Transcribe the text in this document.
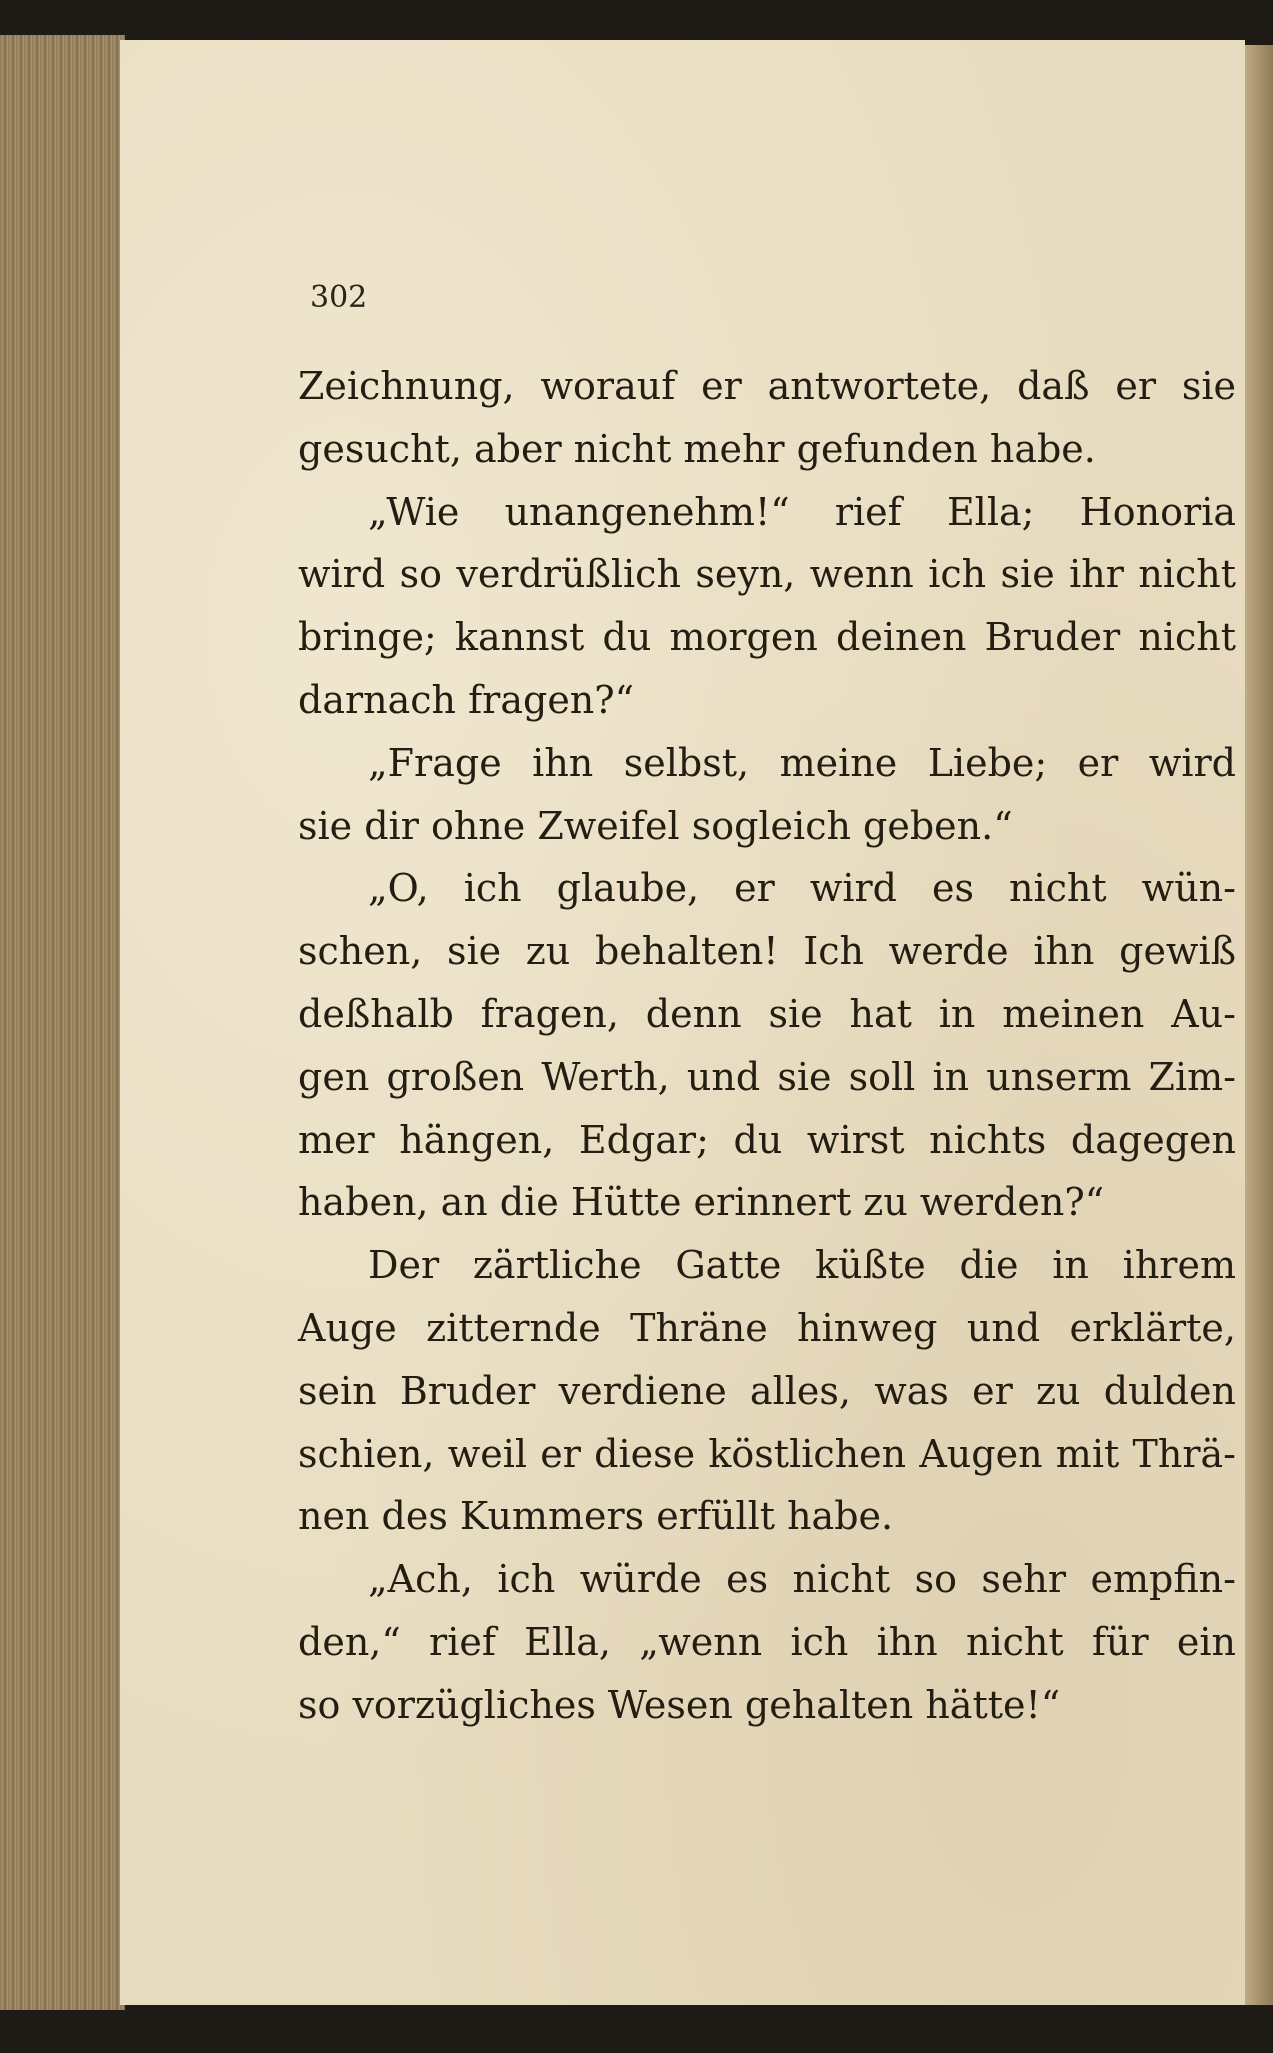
302
Zeichnung, worauf er antwortete, daß er sie
gesucht, aber nicht mehr gefunden habe.
„Wie unangenehm!“ rief Ella; Honoria
wird so verdrüßlich seyn, wenn ich sie ihr nicht
bringe; kannst du morgen deinen Bruder nicht
darnach fragen?“
„Frage ihn selbst, meine Liebe; er wird
sie dir ohne Zweifel sogleich geben.“
„O, ich glaube, er wird es nicht wün-
schen, sie zu behalten! Ich werde ihn gewiß
deßhalb fragen, denn sie hat in meinen Au-
gen großen Werth, und sie soll in unserm Zim-
mer hängen, Edgar; du wirst nichts dagegen
haben, an die Hütte erinnert zu werden?“
Der zärtliche Gatte küßte die in ihrem
Auge zitternde Thräne hinweg und erklärte,
sein Bruder verdiene alles, was er zu dulden
schien, weil er diese köstlichen Augen mit Thrä-
nen des Kummers erfüllt habe.
„Ach, ich würde es nicht so sehr empfin-
den,“ rief Ella, „wenn ich ihn nicht für ein
so vorzügliches Wesen gehalten hätte!“
